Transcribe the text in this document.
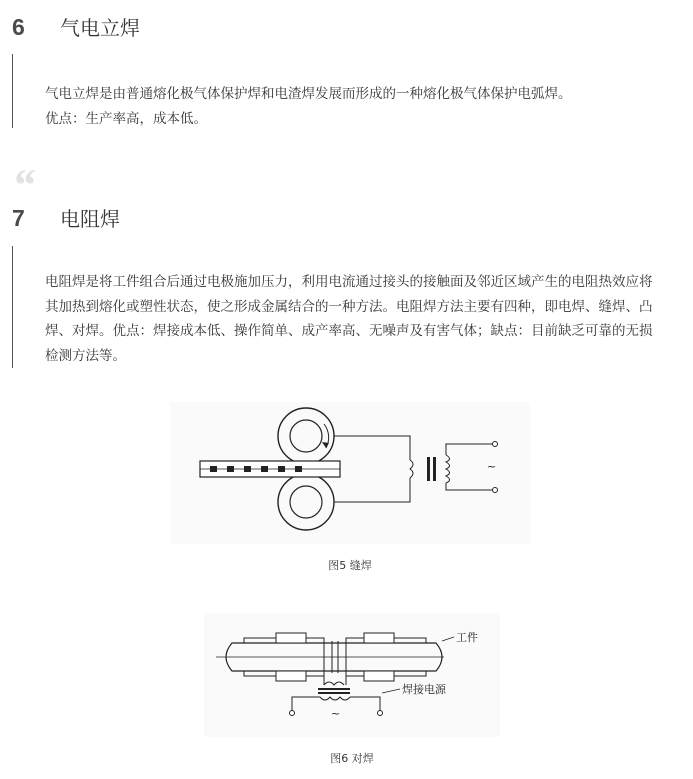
6	气电立焊

气电立焊是由普通熔化极气体保护焊和电渣焊发展而形成的一种熔化极气体保护电弧焊。

优点：生产率高，成本低。

“
7	电阻焊

电阻焊是将工件组合后通过电极施加压力，利用电流通过接头的接触面及邻近区域产生的电阻热效应将其加热到熔化或塑性状态，使之形成金属结合的一种方法。电阻焊方法主要有四种，即电焊、缝焊、凸焊、对焊。优点：焊接成本低、操作简单、成产率高、无噪声及有害气体；缺点：目前缺乏可靠的无损检测方法等。

~
图5 缝焊
工件
~
焊接电源
图6 对焊
